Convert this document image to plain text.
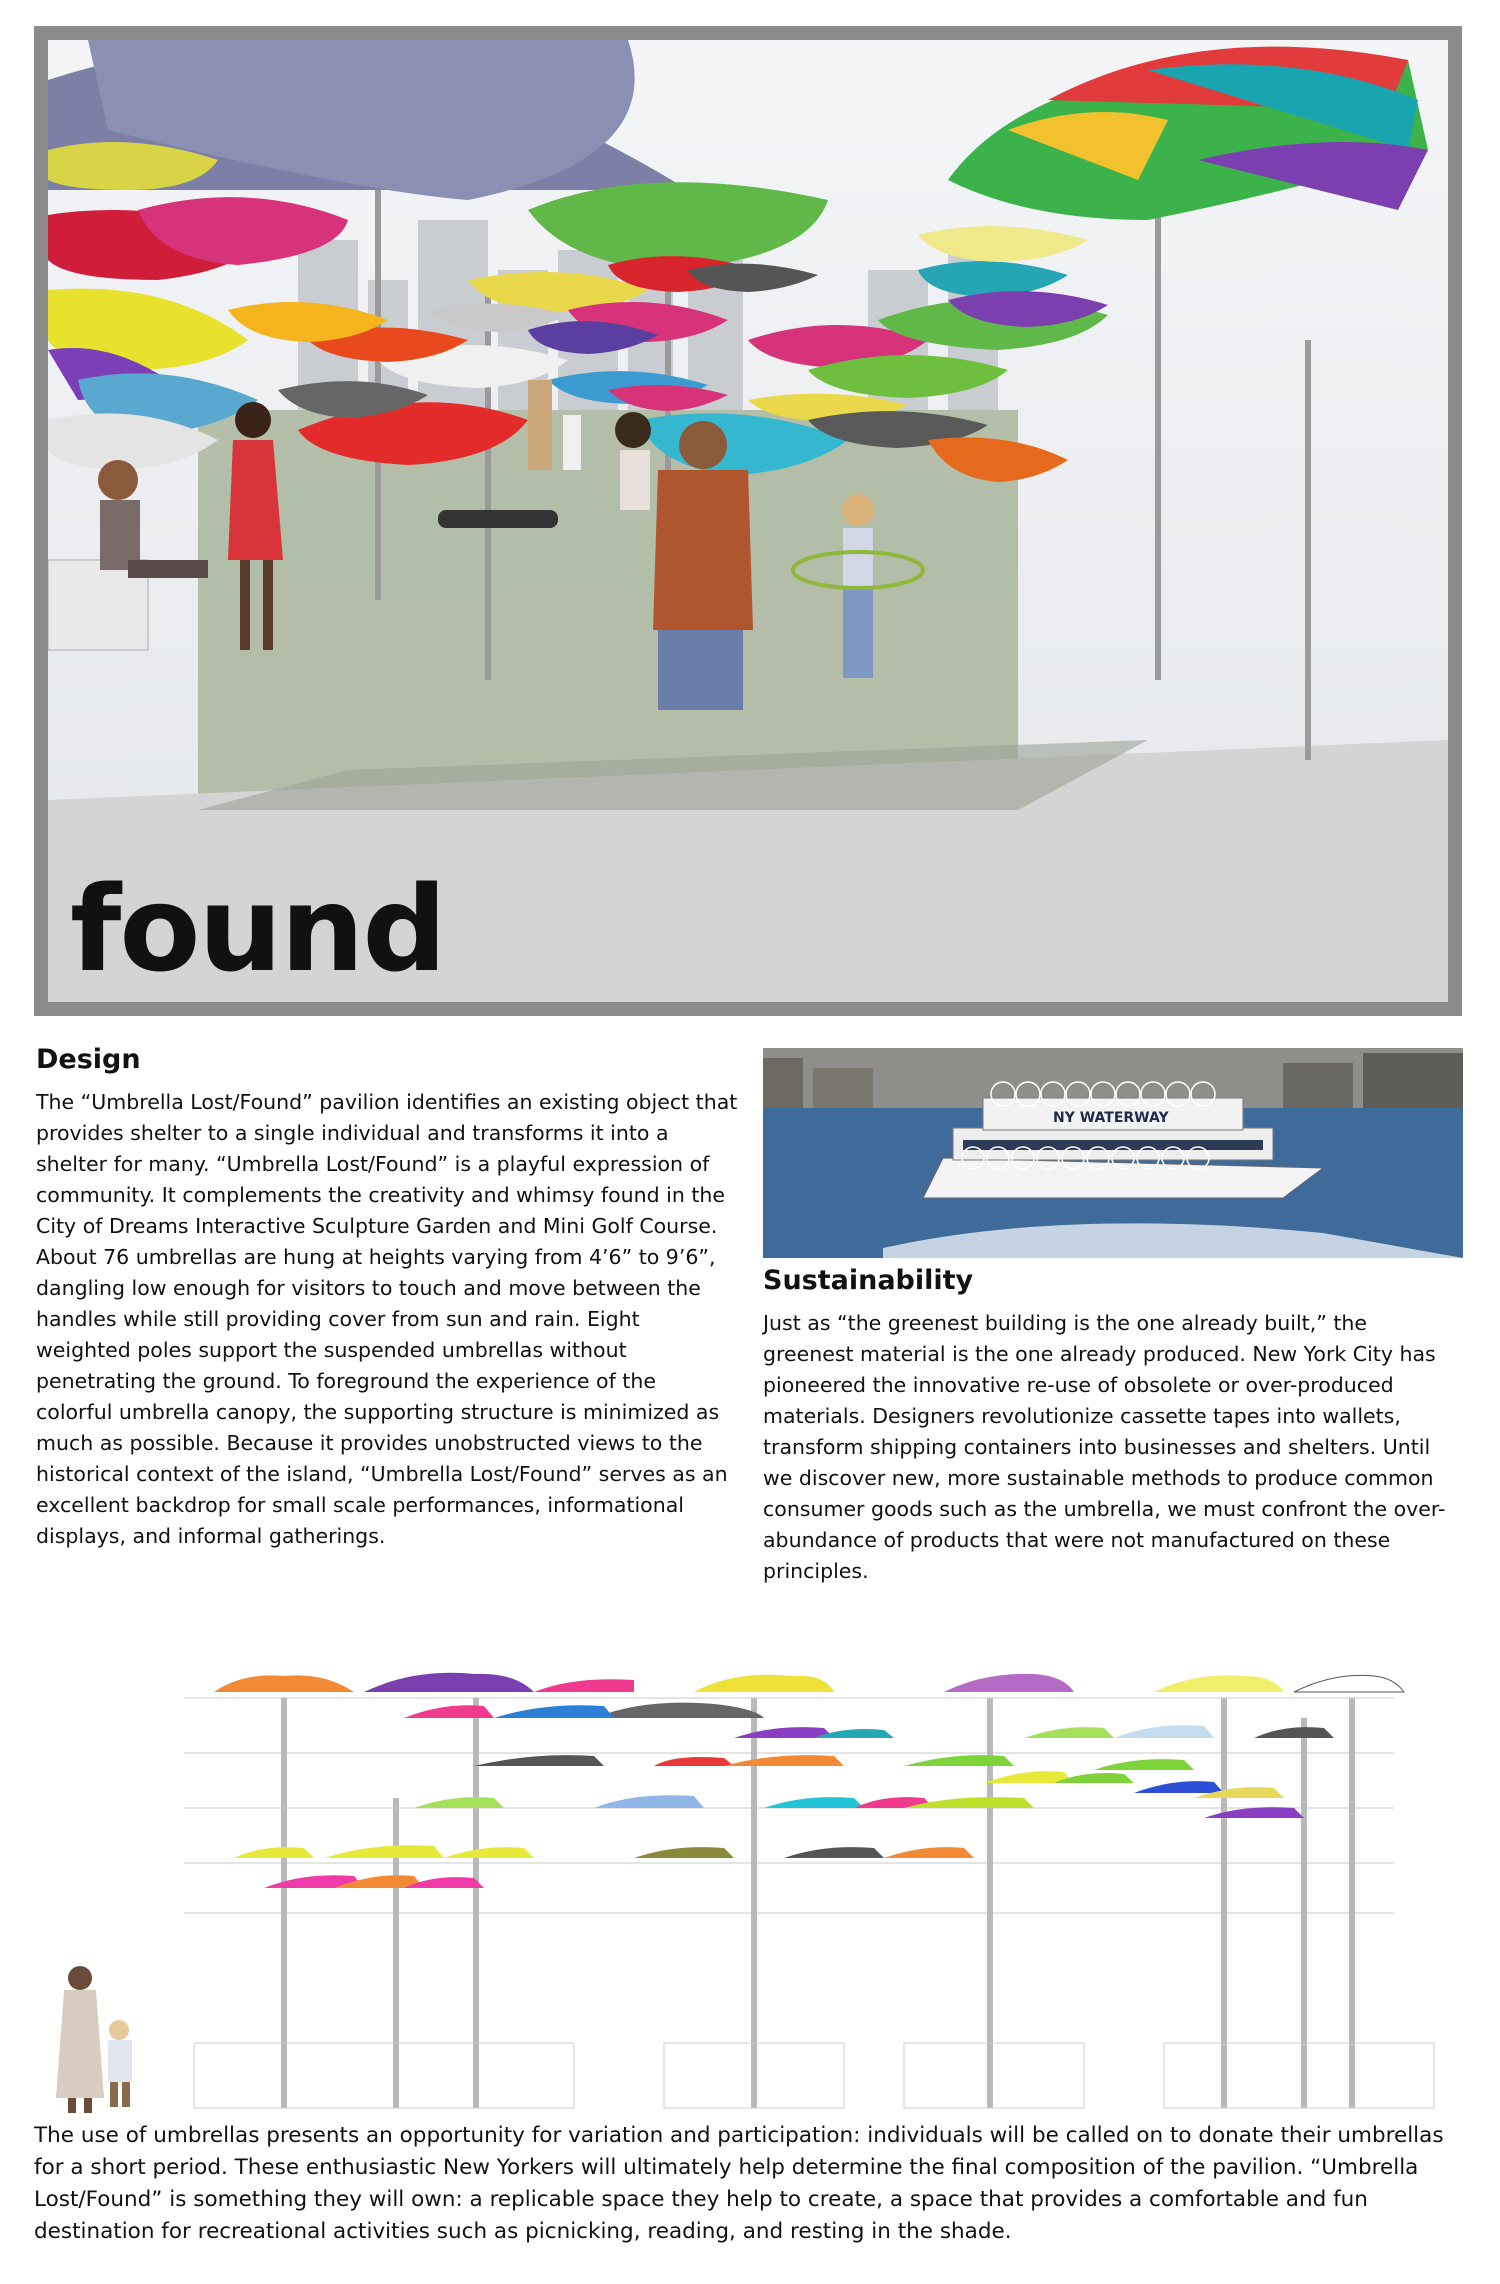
found
Design

The “Umbrella Lost/Found” pavilion identifies an existing object that provides shelter to a single individual and transforms it into a shelter for many. “Umbrella Lost/Found” is a playful expression of community. It complements the creativity and whimsy found in the City of Dreams Interactive Sculpture Garden and Mini Golf Course. About 76 umbrellas are hung at heights varying from 4’6” to 9’6”, dangling low enough for visitors to touch and move between the handles while still providing cover from sun and rain. Eight weighted poles support the suspended umbrellas without penetrating the ground. To foreground the experience of the colorful umbrella canopy, the supporting structure is minimized as much as possible. Because it provides unobstructed views to the historical context of the island, “Umbrella Lost/Found” serves as an excellent backdrop for small scale performances, informational displays, and informal gatherings.

NY WATERWAY
Sustainability

Just as “the greenest building is the one already built,” the greenest material is the one already produced. New York City has pioneered the innovative re-use of obsolete or over-produced materials. Designers revolutionize cassette tapes into wallets, transform shipping containers into businesses and shelters. Until we discover new, more sustainable methods to produce common consumer goods such as the umbrella, we must confront the over-abundance of products that were not manufactured on these principles.

The use of umbrellas presents an opportunity for variation and participation: individuals will be called on to donate their umbrellas for a short period. These enthusiastic New Yorkers will ultimately help determine the final composition of the pavilion. “Umbrella Lost/Found” is something they will own: a replicable space they help to create, a space that provides a comfortable and fun destination for recreational activities such as picnicking, reading, and resting in the shade.
